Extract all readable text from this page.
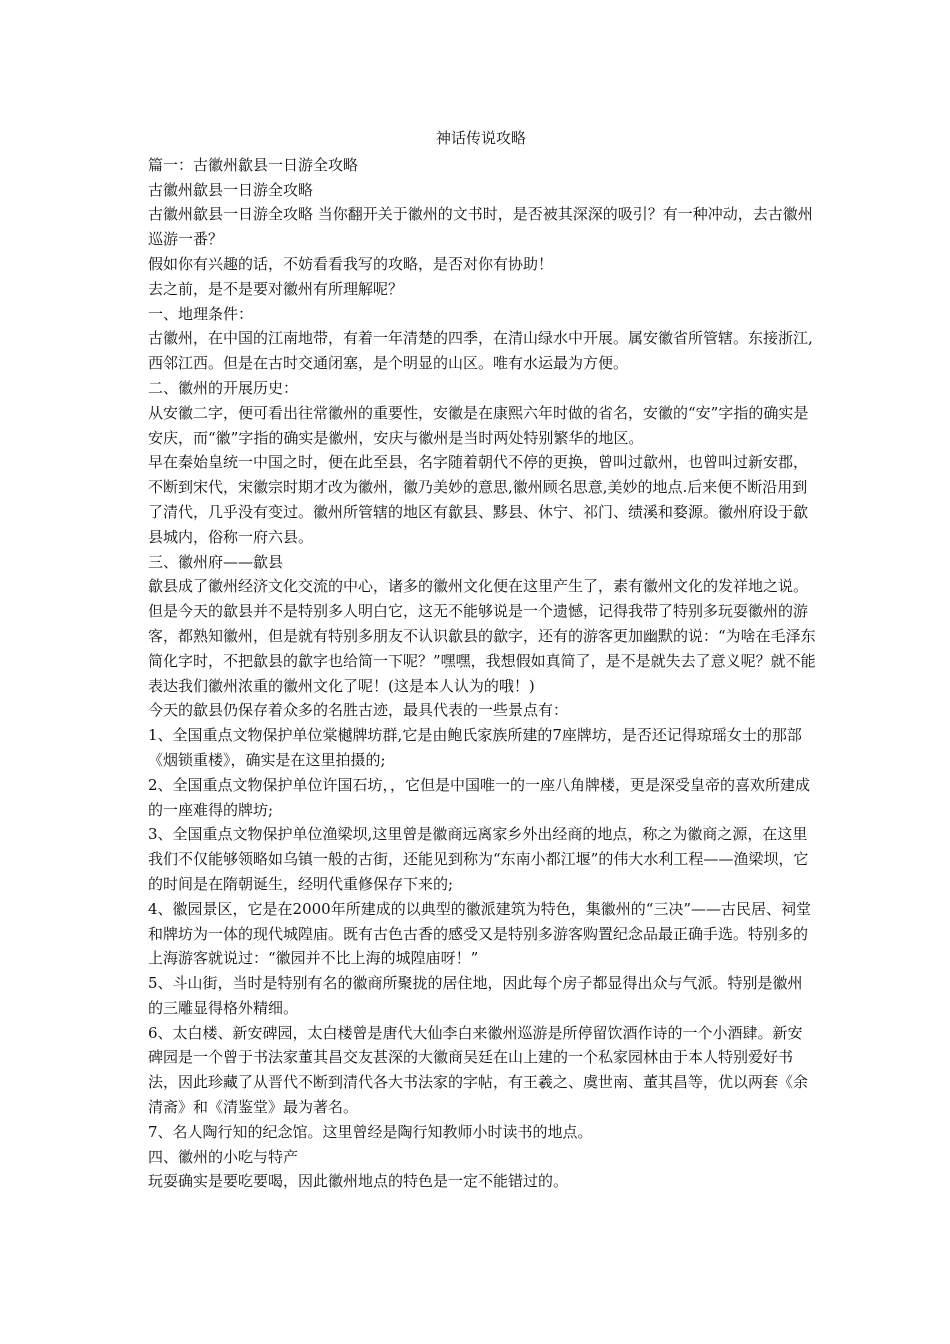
神话传说攻略

篇一：古徽州歙县一日游全攻略

古徽州歙县一日游全攻略

古徽州歙县一日游全攻略 当你翻开关于徽州的文书时，是否被其深深的吸引？有一种冲动，去古徽州巡游一番？

假如你有兴趣的话，不妨看看我写的攻略，是否对你有协助！

去之前，是不是要对徽州有所理解呢？

一、地理条件：

古徽州，在中国的江南地带，有着一年清楚的四季，在清山绿水中开展。属安徽省所管辖。东接浙江,西邻江西。但是在古时交通闭塞，是个明显的山区。唯有水运最为方便。

二、徽州的开展历史：

从安徽二字，便可看出往常徽州的重要性，安徽是在康熙六年时做的省名，安徽的“安”字指的确实是安庆，而“徽”字指的确实是徽州，安庆与徽州是当时两处特别繁华的地区。

早在秦始皇统一中国之时，便在此至县，名字随着朝代不停的更换，曾叫过歙州，也曾叫过新安郡，不断到宋代，宋徽宗时期才改为徽州，徽乃美妙的意思,徽州顾名思意,美妙的地点.后来便不断沿用到了清代，几乎没有变过。徽州所管辖的地区有歙县、黟县、休宁、祁门、绩溪和婺源。徽州府设于歙县城内，俗称一府六县。

三、徽州府——歙县

歙县成了徽州经济文化交流的中心，诸多的徽州文化便在这里产生了，素有徽州文化的发祥地之说。但是今天的歙县并不是特别多人明白它，这无不能够说是一个遗憾，记得我带了特别多玩耍徽州的游客，都熟知徽州，但是就有特别多朋友不认识歙县的歙字，还有的游客更加幽默的说：“为啥在毛泽东简化字时，不把歙县的歙字也给简一下呢？”嘿嘿，我想假如真简了，是不是就失去了意义呢？就不能表达我们徽州浓重的徽州文化了呢！(这是本人认为的哦！)

今天的歙县仍保存着众多的名胜古迹，最具代表的一些景点有：

1、全国重点文物保护单位棠樾牌坊群,它是由鲍氏家族所建的7座牌坊，是否还记得琼瑶女士的那部《烟锁重楼》，确实是在这里拍摄的;

2、全国重点文物保护单位许国石坊，，它但是中国唯一的一座八角牌楼，更是深受皇帝的喜欢所建成的一座难得的牌坊;

3、全国重点文物保护单位渔梁坝,这里曾是徽商远离家乡外出经商的地点，称之为徽商之源，在这里我们不仅能够领略如乌镇一般的古街，还能见到称为“东南小都江堰”的伟大水利工程——渔梁坝，它的时间是在隋朝诞生，经明代重修保存下来的;

4、徽园景区，它是在2000年所建成的以典型的徽派建筑为特色，集徽州的“三决”——古民居、祠堂和牌坊为一体的现代城隍庙。既有古色古香的感受又是特别多游客购置纪念品最正确手选。特别多的上海游客就说过：“徽园并不比上海的城隍庙呀！”

5、斗山街，当时是特别有名的徽商所聚拢的居住地，因此每个房子都显得出众与气派。特别是徽州的三雕显得格外精细。

6、太白楼、新安碑园，太白楼曾是唐代大仙李白来徽州巡游是所停留饮酒作诗的一个小酒肆。新安碑园是一个曾于书法家董其昌交友甚深的大徽商吴廷在山上建的一个私家园林由于本人特别爱好书法，因此珍藏了从晋代不断到清代各大书法家的字帖，有王羲之、虞世南、董其昌等，优以两套《余清斋》和《清鉴堂》最为著名。

7、名人陶行知的纪念馆。这里曾经是陶行知教师小时读书的地点。

四、徽州的小吃与特产

玩耍确实是要吃要喝，因此徽州地点的特色是一定不能错过的。
